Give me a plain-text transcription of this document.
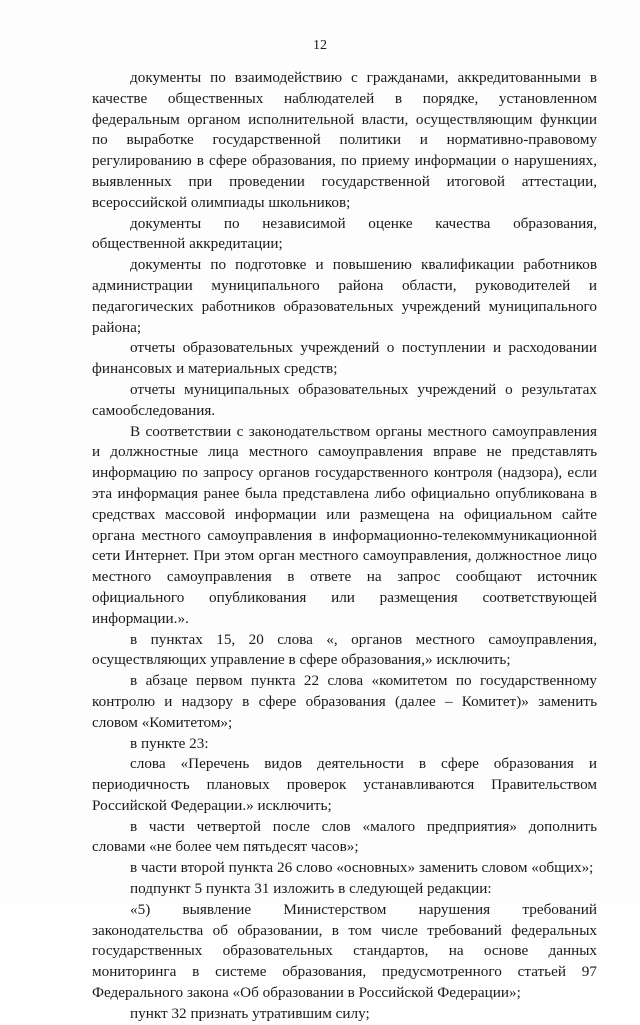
12

документы по взаимодействию с гражданами, аккредитованными в качестве общественных наблюдателей в порядке, установленном федеральным органом исполнительной власти, осуществляющим функции по выработке государственной политики и нормативно-правовому регулированию в сфере образования, по приему информации о нарушениях, выявленных при проведении государственной итоговой аттестации, всероссийской олимпиады школьников;

документы по независимой оценке качества образования, общественной аккредитации;

документы по подготовке и повышению квалификации работников администрации муниципального района области, руководителей и педагогических работников образовательных учреждений муниципального района;

отчеты образовательных учреждений о поступлении и расходовании финансовых и материальных средств;

отчеты муниципальных образовательных учреждений о результатах самообследования.

В соответствии с законодательством органы местного самоуправления и должностные лица местного самоуправления вправе не представлять информацию по запросу органов государственного контроля (надзора), если эта информация ранее была представлена либо официально опубликована в средствах массовой информации или размещена на официальном сайте органа местного самоуправления в информационно-телекоммуникационной сети Интернет. При этом орган местного самоуправления, должностное лицо местного самоуправления в ответе на запрос сообщают источник официального опубликования или размещения соответствующей информации.».

в пунктах 15, 20 слова «, органов местного самоуправления, осуществляющих управление в сфере образования,» исключить;

в абзаце первом пункта 22 слова «комитетом по государственному контролю и надзору в сфере образования (далее – Комитет)» заменить словом «Комитетом»;

в пункте 23:

слова «Перечень видов деятельности в сфере образования и периодичность плановых проверок устанавливаются Правительством Российской Федерации.» исключить;

в части четвертой после слов «малого предприятия» дополнить словами «не более чем пятьдесят часов»;

в части второй пункта 26 слово «основных» заменить словом «общих»;

подпункт 5 пункта 31 изложить в следующей редакции:

«5) выявление Министерством нарушения требований законодательства об образовании, в том числе требований федеральных государственных образовательных стандартов, на основе данных мониторинга в системе образования, предусмотренного статьей 97 Федерального закона «Об образовании в Российской Федерации»;

пункт 32 признать утратившим силу;
